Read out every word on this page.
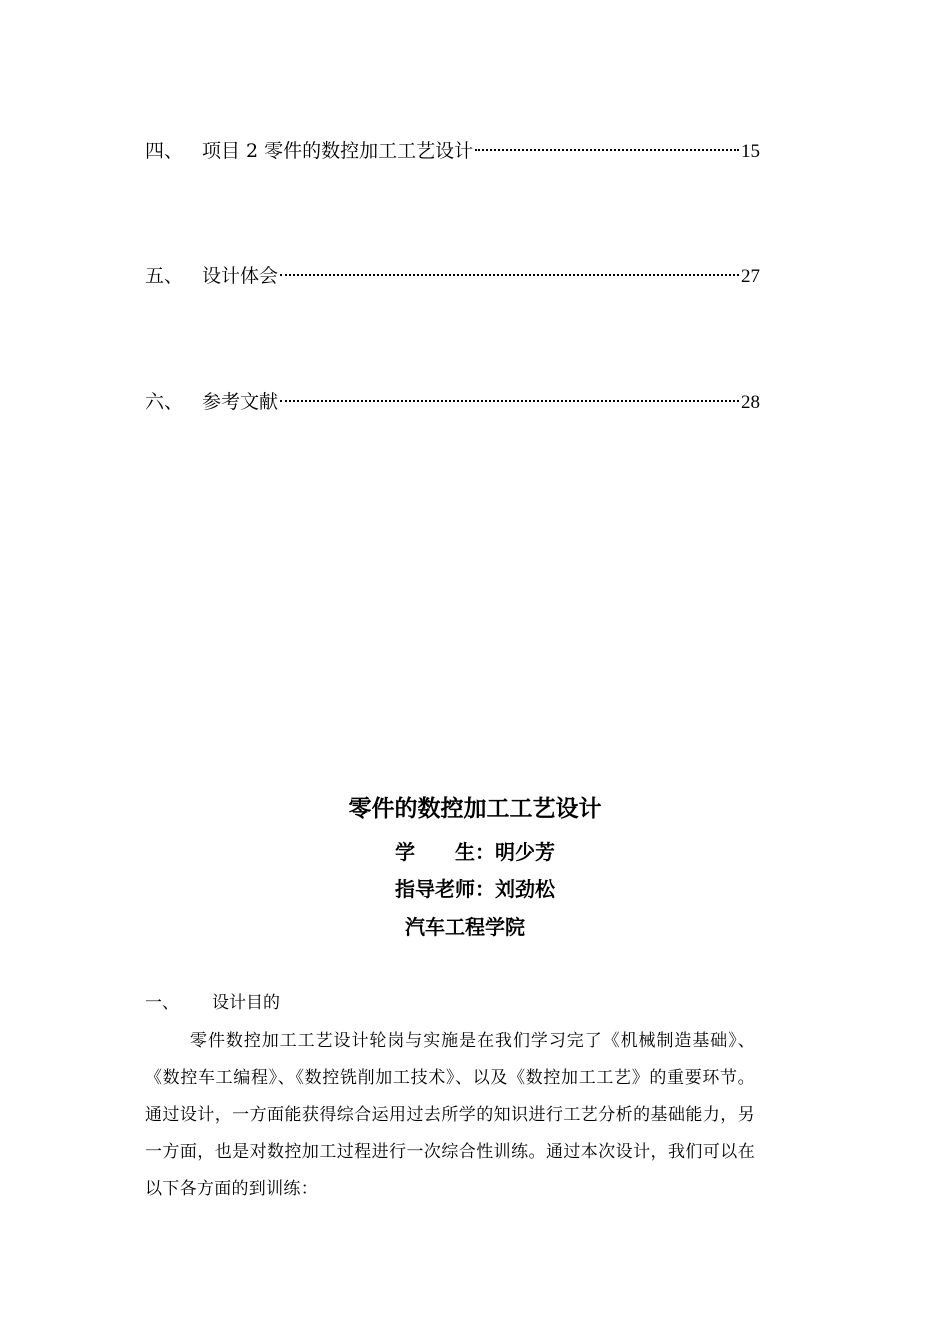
四、 项目 2 零件的数控加工工艺设计	15
五、 设计体会	27
六、 参考文献	28
零件的数控加工工艺设计
学　　生：明少芳
指导老师：刘劲松
汽车工程学院
一、 设计目的

零件数控加工工艺设计轮岗与实施是在我们学习完了《机械制造基础》、《数控车工编程》、《数控铣削加工技术》、以及《数控加工工艺》的重要环节。通过设计，一方面能获得综合运用过去所学的知识进行工艺分析的基础能力，另一方面，也是对数控加工过程进行一次综合性训练。通过本次设计，我们可以在以下各方面的到训练：
